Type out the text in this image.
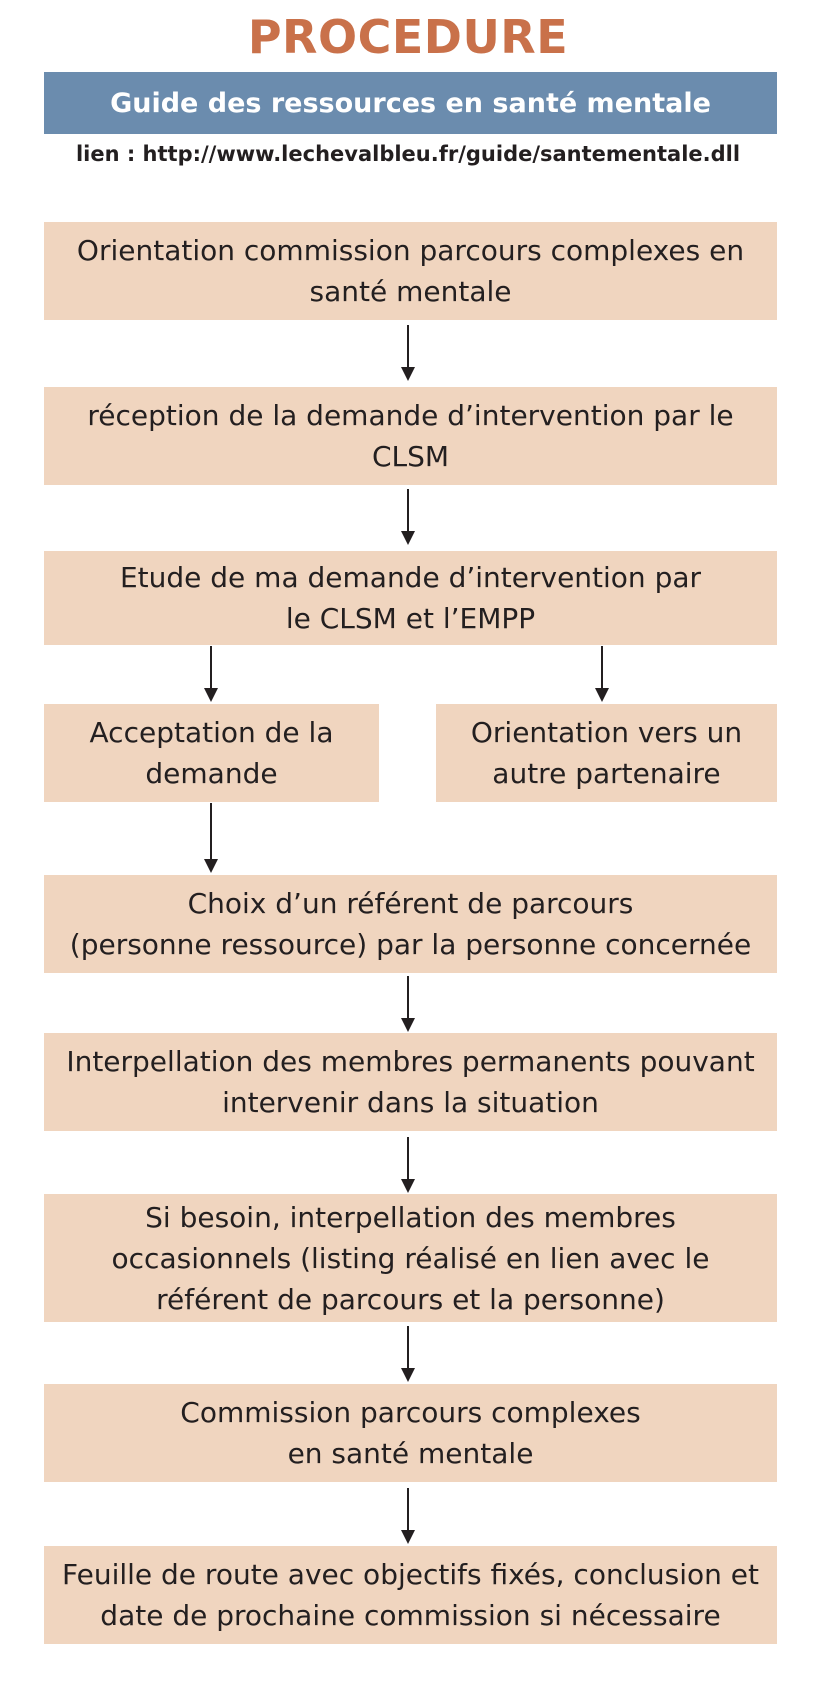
PROCEDURE
Guide des ressources en santé mentale
lien : http://www.lechevalbleu.fr/guide/santementale.dll
Orientation commission parcours complexes en
santé mentale
réception de la demande d’intervention par le
CLSM
Etude de ma demande d’intervention par
le CLSM et l’EMPP
Acceptation de la
demande
Orientation vers un
autre partenaire
Choix d’un référent de parcours
(personne ressource) par la personne concernée
Interpellation des membres permanents pouvant
intervenir dans la situation
Si besoin, interpellation des membres
occasionnels (listing réalisé en lien avec le
référent de parcours et la personne)
Commission parcours complexes
en santé mentale
Feuille de route avec objectifs fixés, conclusion et
date de prochaine commission si nécessaire
